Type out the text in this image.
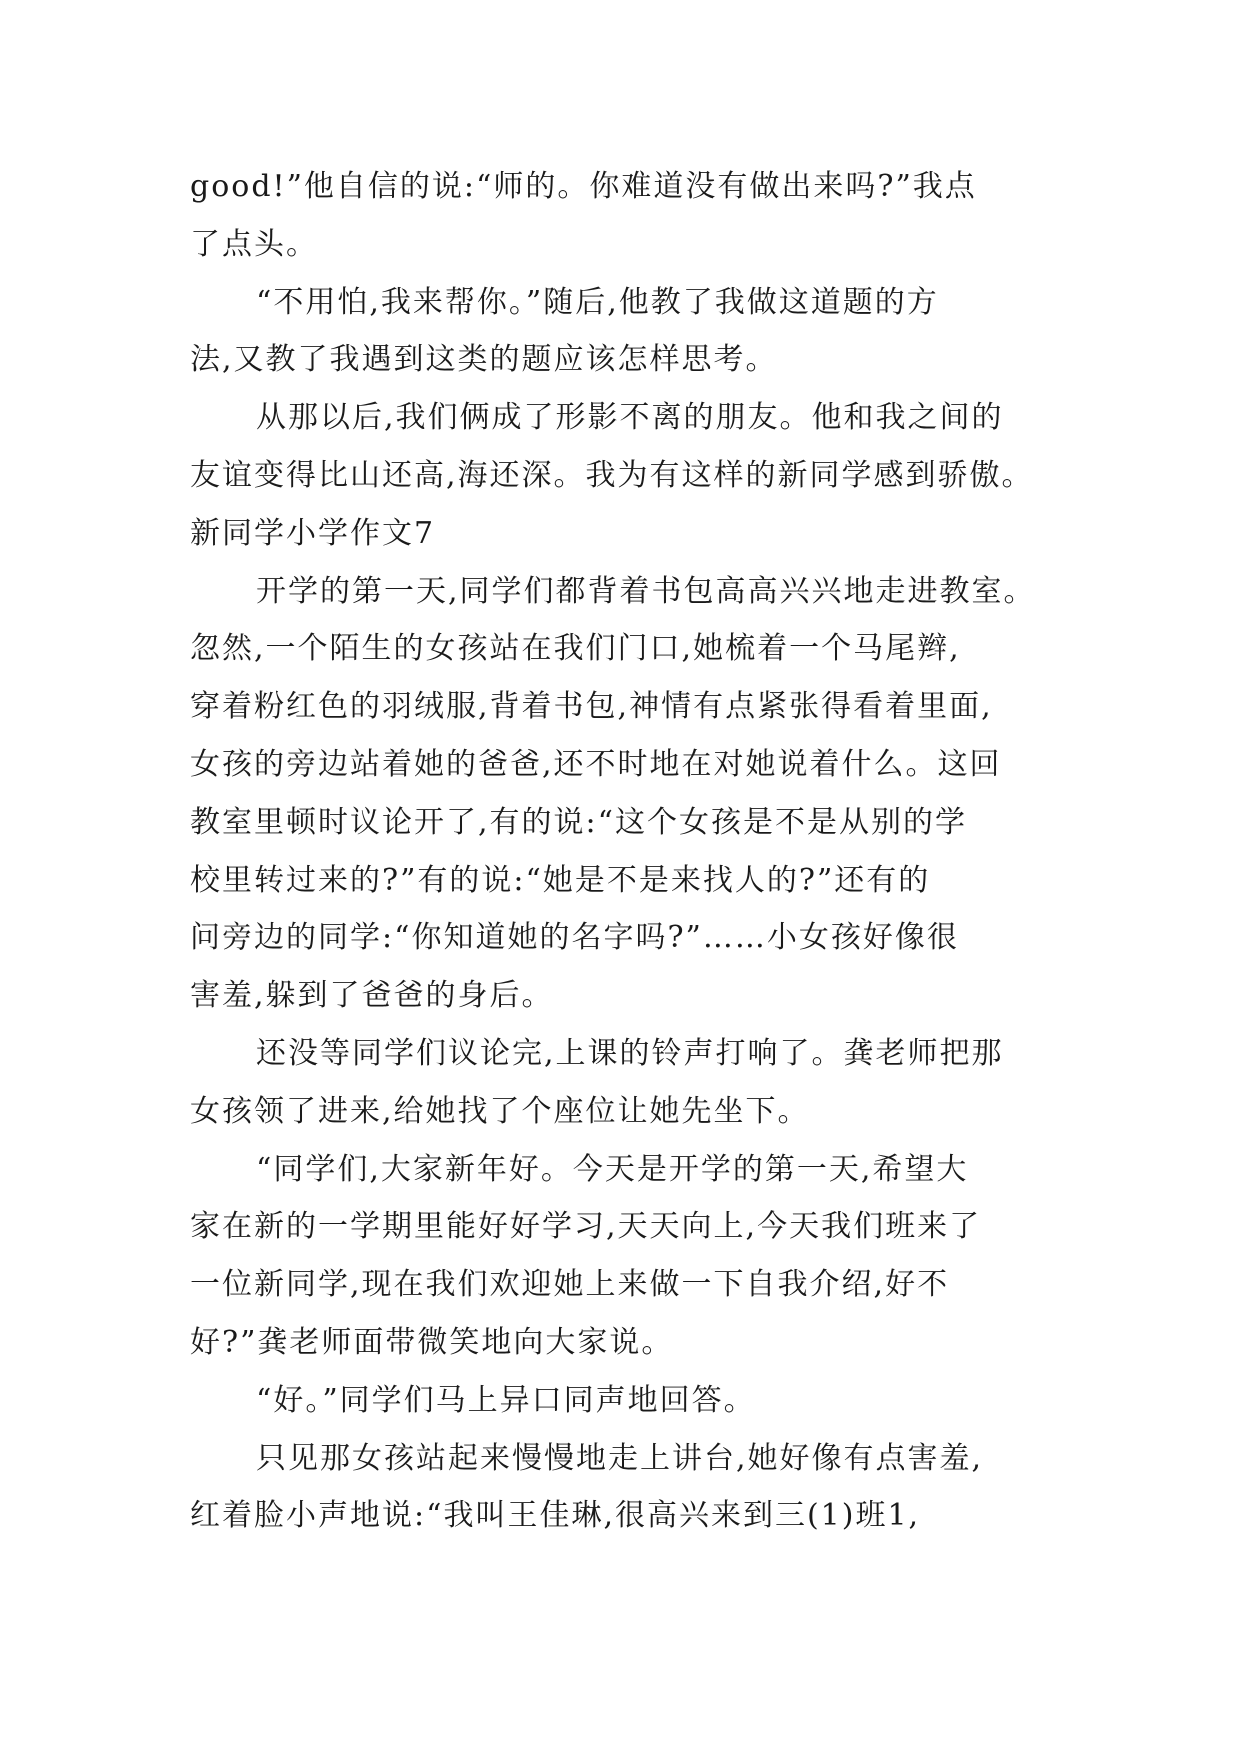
good!”他自信的说:“师的。你难道没有做出来吗?”我点
了点头。
“不用怕,我来帮你。”随后,他教了我做这道题的方
法,又教了我遇到这类的题应该怎样思考。
从那以后,我们俩成了形影不离的朋友。他和我之间的
友谊变得比山还高,海还深。我为有这样的新同学感到骄傲。
新同学小学作文7
开学的第一天,同学们都背着书包高高兴兴地走进教室。
忽然,一个陌生的女孩站在我们门口,她梳着一个马尾辫,
穿着粉红色的羽绒服,背着书包,神情有点紧张得看着里面,
女孩的旁边站着她的爸爸,还不时地在对她说着什么。这回
教室里顿时议论开了,有的说:“这个女孩是不是从别的学
校里转过来的?”有的说:“她是不是来找人的?”还有的
问旁边的同学:“你知道她的名字吗?”……小女孩好像很
害羞,躲到了爸爸的身后。
还没等同学们议论完,上课的铃声打响了。龚老师把那
女孩领了进来,给她找了个座位让她先坐下。
“同学们,大家新年好。今天是开学的第一天,希望大
家在新的一学期里能好好学习,天天向上,今天我们班来了
一位新同学,现在我们欢迎她上来做一下自我介绍,好不
好?”龚老师面带微笑地向大家说。
“好。”同学们马上异口同声地回答。
只见那女孩站起来慢慢地走上讲台,她好像有点害羞,
红着脸小声地说:“我叫王佳琳,很高兴来到三(1)班1,
